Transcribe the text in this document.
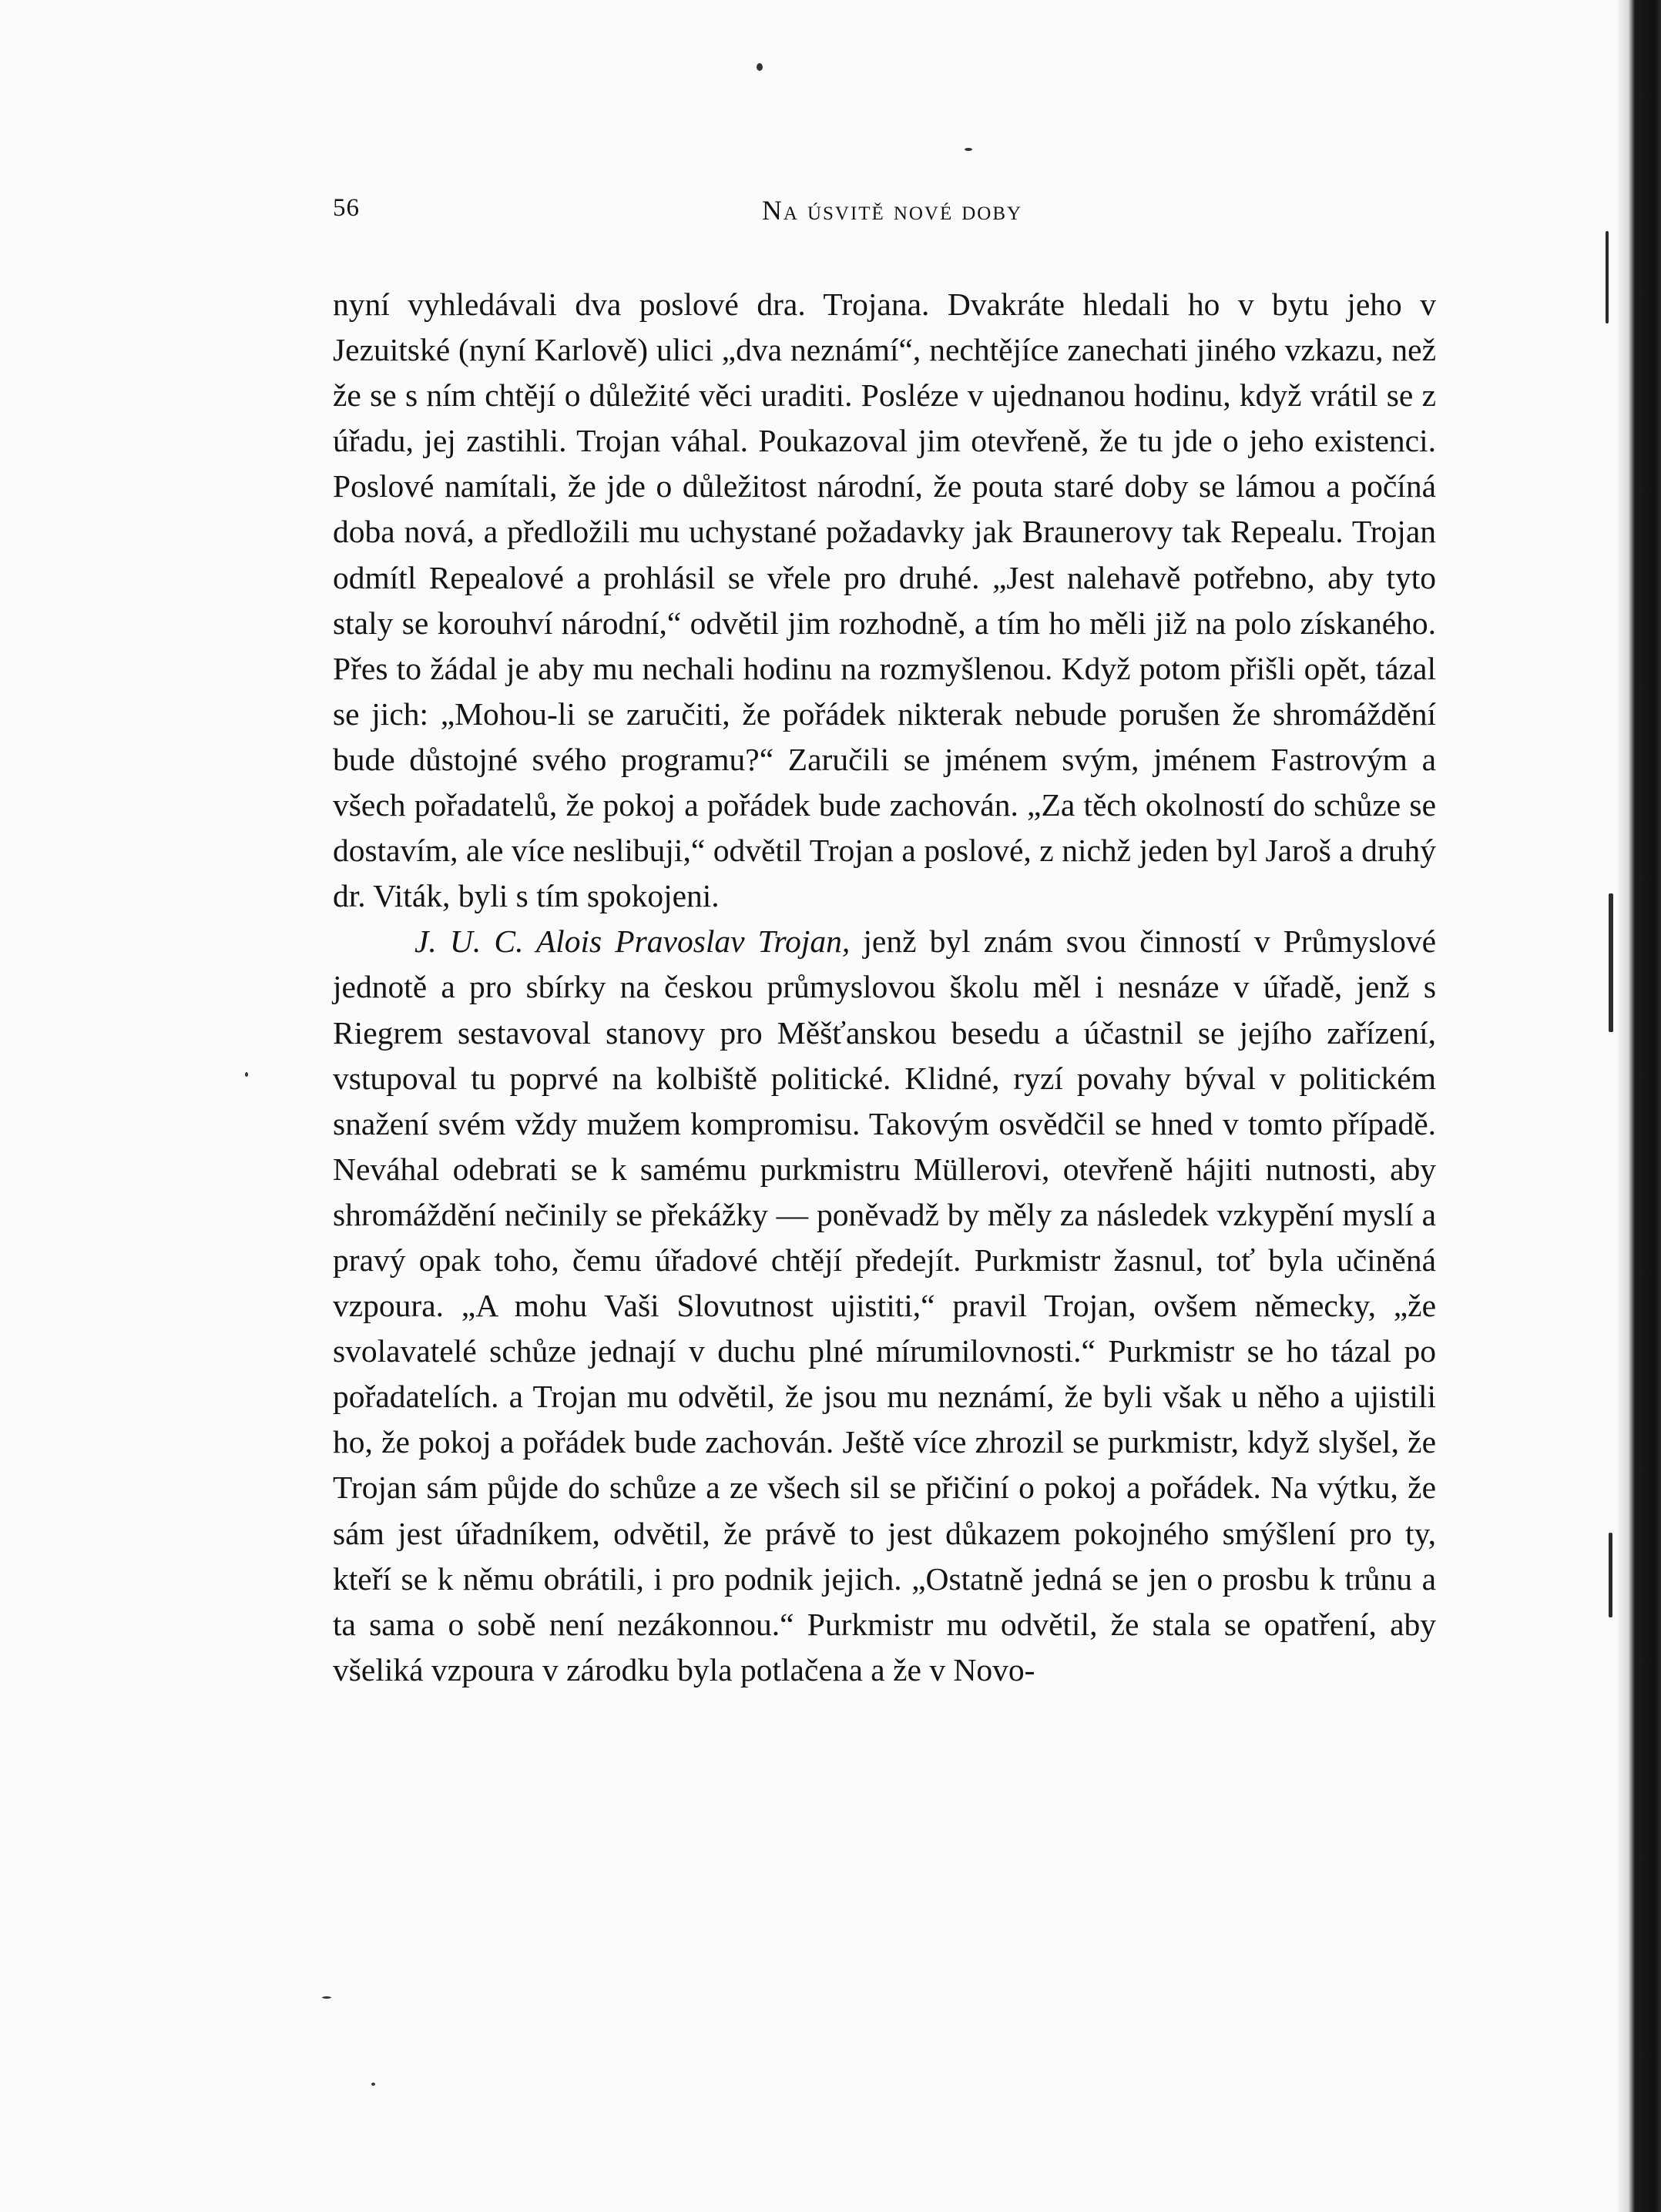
56	Na úsvitě nové doby

nyní vyhledávali dva poslové dra. Trojana. Dvakráte hledali ho v bytu jeho v Jezuitské (nyní Karlově) ulici „dva neznámí“, nechtějíce zanechati jiného vzkazu, než že se s ním chtějí o důležité věci uraditi. Posléze v ujednanou hodinu, když vrátil se z úřadu, jej zastihli. Trojan váhal. Poukazoval jim otevřeně, že tu jde o jeho existenci. Poslové namítali, že jde o důležitost národní, že pouta staré doby se lámou a počíná doba nová, a předložili mu uchystané požadavky jak Braunerovy tak Repealu. Trojan odmítl Repealové a prohlásil se vřele pro druhé. „Jest nalehavě potřebno, aby tyto staly se korouhví národní,“ odvětil jim rozhodně, a tím ho měli již na polo získaného. Přes to žádal je aby mu nechali hodinu na rozmyšlenou. Když potom přišli opět, tázal se jich: „Mohou-li se zaručiti, že pořádek nikterak nebude porušen že shromáždění bude důstojné svého programu?“ Zaručili se jménem svým, jménem Fastrovým a všech pořadatelů, že pokoj a pořádek bude zachován. „Za těch okolností do schůze se dostavím, ale více neslibuji,“ odvětil Trojan a poslové, z nichž jeden byl Jaroš a druhý dr. Viták, byli s tím spokojeni.

J. U. C. Alois Pravoslav Trojan, jenž byl znám svou činností v Průmyslové jednotě a pro sbírky na českou průmyslovou školu měl i nesnáze v úřadě, jenž s Riegrem sestavoval stanovy pro Měšťanskou besedu a účastnil se jejího zařízení, vstupoval tu poprvé na kolbiště politické. Klidné, ryzí povahy býval v politickém snažení svém vždy mužem kompromisu. Takovým osvědčil se hned v tomto případě. Neváhal odebrati se k samému purkmistru Müllerovi, otevřeně hájiti nutnosti, aby shromáždění nečinily se překážky — poněvadž by měly za následek vzkypění myslí a pravý opak toho, čemu úřadové chtějí předejít. Purkmistr žasnul, toť byla učiněná vzpoura. „A mohu Vaši Slovutnost ujistiti,“ pravil Trojan, ovšem německy, „že svolavatelé schůze jednají v duchu plné mírumilovnosti.“ Purkmistr se ho tázal po pořadatelích. a Trojan mu odvětil, že jsou mu neznámí, že byli však u něho a ujistili ho, že pokoj a pořádek bude zachován. Ještě více zhrozil se purkmistr, když slyšel, že Trojan sám půjde do schůze a ze všech sil se přičiní o pokoj a pořádek. Na výtku, že sám jest úřadníkem, odvětil, že právě to jest důkazem pokojného smýšlení pro ty, kteří se k němu obrátili, i pro podnik jejich. „Ostatně jedná se jen o prosbu k trůnu a ta sama o sobě není nezákonnou.“ Purkmistr mu odvětil, že stala se opatření, aby všeliká vzpoura v zárodku byla potlačena a že v Novo-
